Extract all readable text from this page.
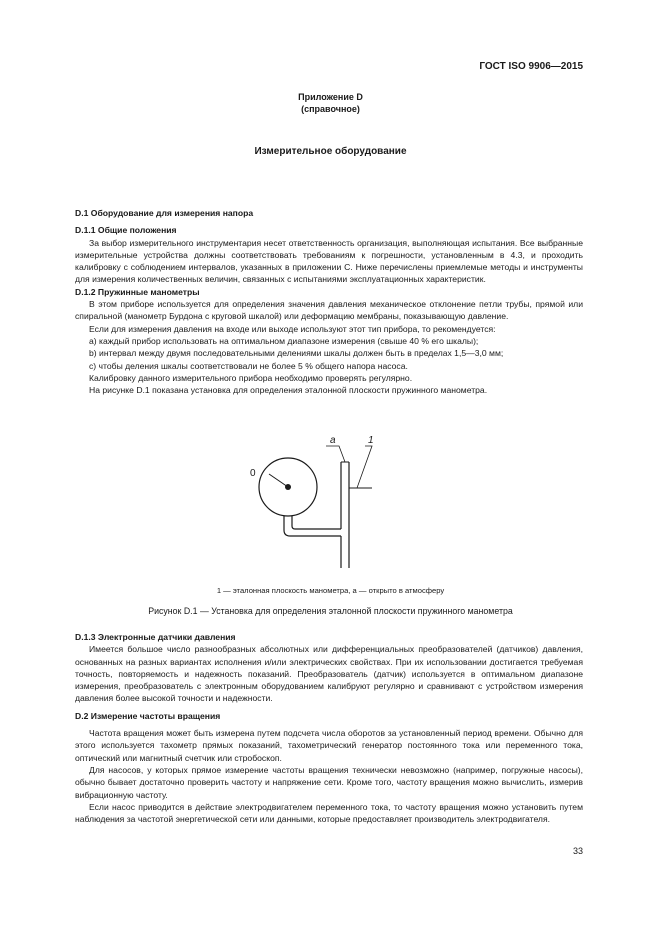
ГОСТ ISO 9906—2015
Приложение D
(справочное)
Измерительное оборудование

D.1 Оборудование для измерения напора

D.1.1 Общие положения

За выбор измерительного инструментария несет ответственность организация, выполняющая испытания. Все выбранные измерительные устройства должны соответствовать требованиям к погрешности, установленным в 4.3, и проходить калибровку с соблюдением интервалов, указанных в приложении С. Ниже перечислены приемлемые методы и инструменты для измерения количественных величин, связанных с испытаниями эксплуатационных характеристик.

D.1.2 Пружинные манометры

В этом приборе используется для определения значения давления механическое отклонение петли трубы, прямой или спиральной (манометр Бурдона с круговой шкалой) или деформацию мембраны, показывающую давление.

Если для измерения давления на входе или выходе используют этот тип прибора, то рекомендуется:

а) каждый прибор использовать на оптимальном диапазоне измерения (свыше 40 % его шкалы);

b) интервал между двумя последовательными делениями шкалы должен быть в пределах 1,5—3,0 мм;

с) чтобы деления шкалы соответствовали не более 5 % общего напора насоса.

Калибровку данного измерительного прибора необходимо проверять регулярно.

На рисунке D.1 показана установка для определения эталонной плоскости пружинного манометра.

0
a	1
1 — эталонная плоскость манометра, a — открыто в атмосферу
Рисунок D.1 — Установка для определения эталонной плоскости пружинного манометра

D.1.3 Электронные датчики давления

Имеется большое число разнообразных абсолютных или дифференциальных преобразователей (датчиков) давления, основанных на разных вариантах исполнения и/или электрических свойствах. При их использовании достигается требуемая точность, повторяемость и надежность показаний. Преобразователь (датчик) используется в оптимальном диапазоне измерения, преобразователь с электронным оборудованием калибруют регулярно и сравнивают с устройством измерения давления более высокой точности и надежности.

D.2 Измерение частоты вращения

Частота вращения может быть измерена путем подсчета числа оборотов за установленный период времени. Обычно для этого используется тахометр прямых показаний, тахометрический генератор постоянного тока или переменного тока, оптический или магнитный счетчик или стробоскоп.

Для насосов, у которых прямое измерение частоты вращения технически невозможно (например, погружные насосы), обычно бывает достаточно проверить частоту и напряжение сети. Кроме того, частоту вращения можно вычислить, измерив вибрационную частоту.

Если насос приводится в действие электродвигателем переменного тока, то частоту вращения можно установить путем наблюдения за частотой энергетической сети или данными, которые предоставляет производитель электродвигателя.

33
